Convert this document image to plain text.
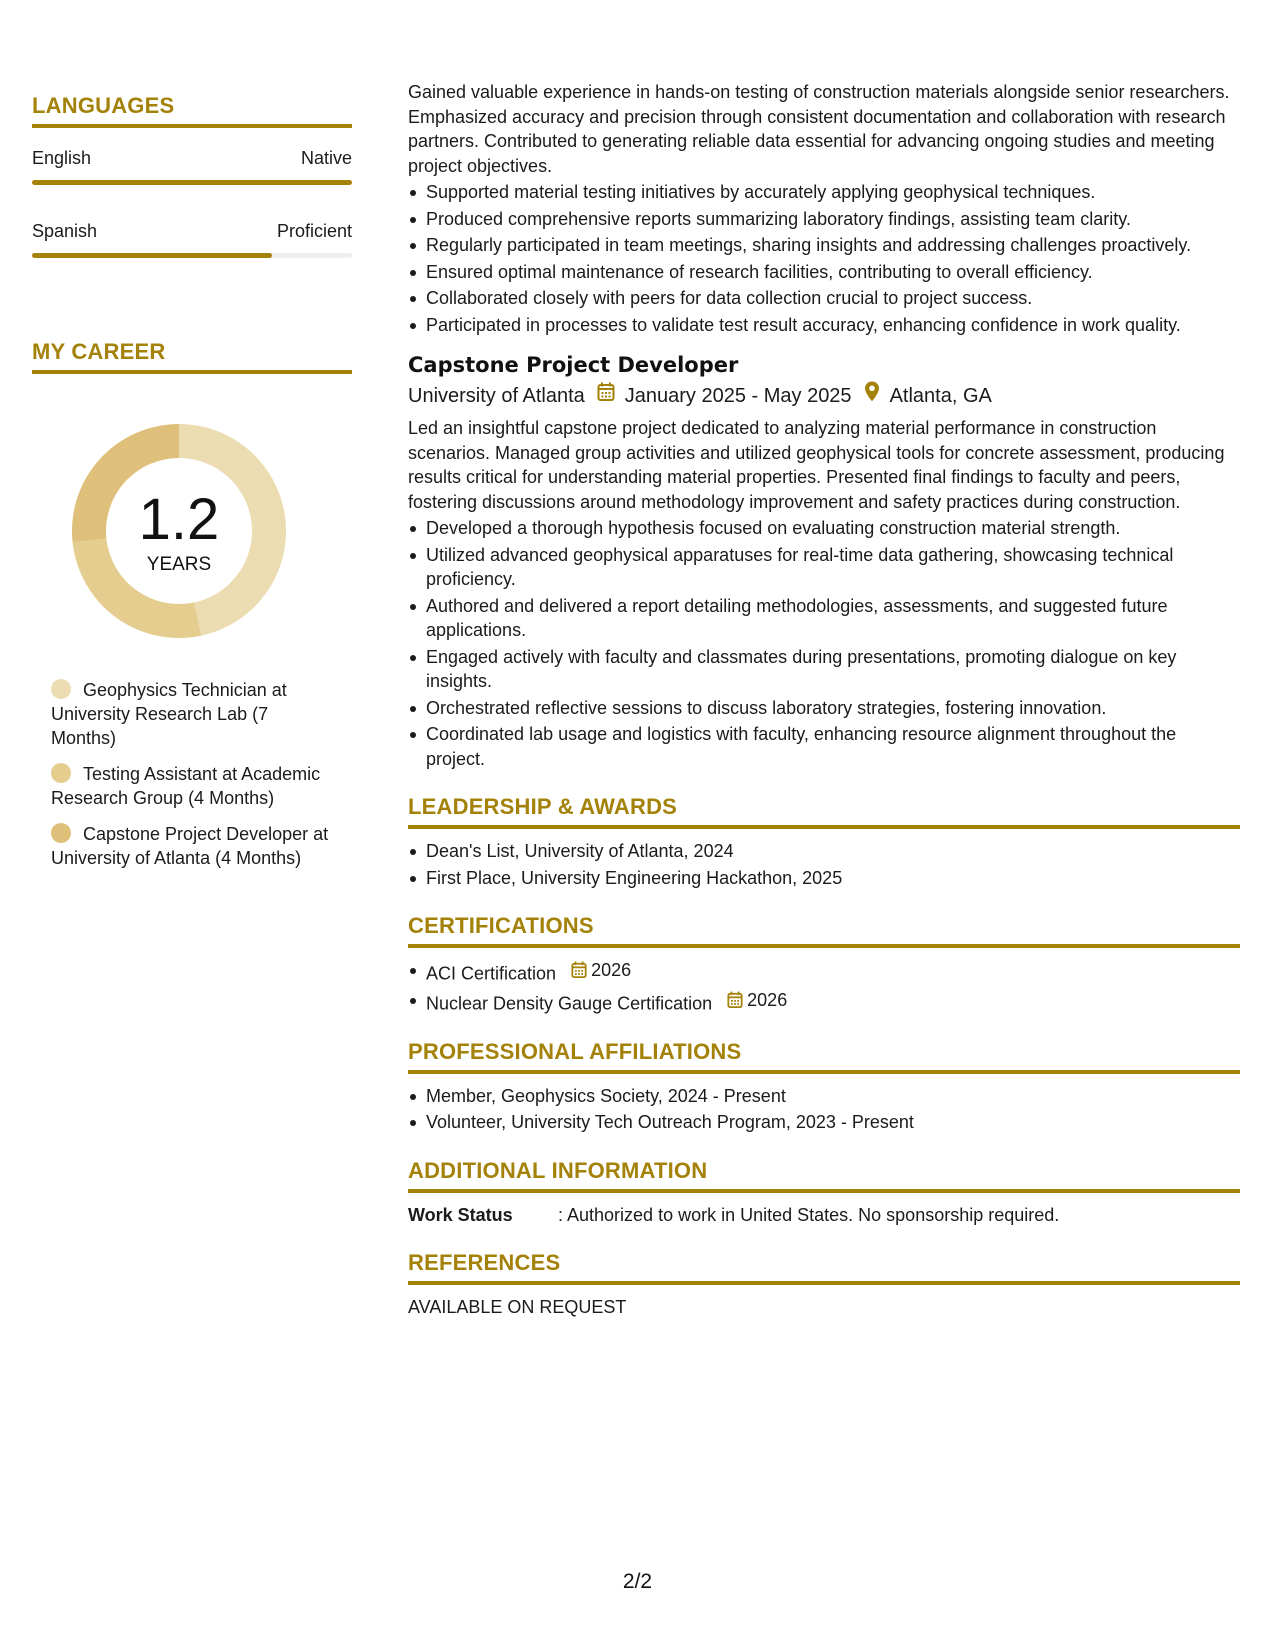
LANGUAGES
English	Native
Spanish	Proficient
MY CAREER
1.2
YEARS
Geophysics Technician at University Research Lab (7 Months)
Testing Assistant at Academic Research Group (4 Months)
Capstone Project Developer at University of Atlanta (4 Months)

Gained valuable experience in hands-on testing of construction materials alongside senior researchers. Emphasized accuracy and precision through consistent documentation and collaboration with research partners. Contributed to generating reliable data essential for advancing ongoing studies and meeting project objectives.

Supported material testing initiatives by accurately applying geophysical techniques.
Produced comprehensive reports summarizing laboratory findings, assisting team clarity.
Regularly participated in team meetings, sharing insights and addressing challenges proactively.
Ensured optimal maintenance of research facilities, contributing to overall efficiency.
Collaborated closely with peers for data collection crucial to project success.
Participated in processes to validate test result accuracy, enhancing confidence in work quality.
Capstone Project Developer
University of Atlanta January 2025 - May 2025 Atlanta, GA

Led an insightful capstone project dedicated to analyzing material performance in construction scenarios. Managed group activities and utilized geophysical tools for concrete assessment, producing results critical for understanding material properties. Presented final findings to faculty and peers, fostering discussions around methodology improvement and safety practices during construction.

Developed a thorough hypothesis focused on evaluating construction material strength.
Utilized advanced geophysical apparatuses for real-time data gathering, showcasing technical proficiency.
Authored and delivered a report detailing methodologies, assessments, and suggested future applications.
Engaged actively with faculty and classmates during presentations, promoting dialogue on key insights.
Orchestrated reflective sessions to discuss laboratory strategies, fostering innovation.
Coordinated lab usage and logistics with faculty, enhancing resource alignment throughout the project.
LEADERSHIP & AWARDS
Dean's List, University of Atlanta, 2024
First Place, University Engineering Hackathon, 2025
CERTIFICATIONS
ACI Certification 2026
Nuclear Density Gauge Certification 2026
PROFESSIONAL AFFILIATIONS
Member, Geophysics Society, 2024 - Present
Volunteer, University Tech Outreach Program, 2023 - Present
ADDITIONAL INFORMATION
Work Status	: Authorized to work in United States. No sponsorship required.
REFERENCES

AVAILABLE ON REQUEST

2/2
